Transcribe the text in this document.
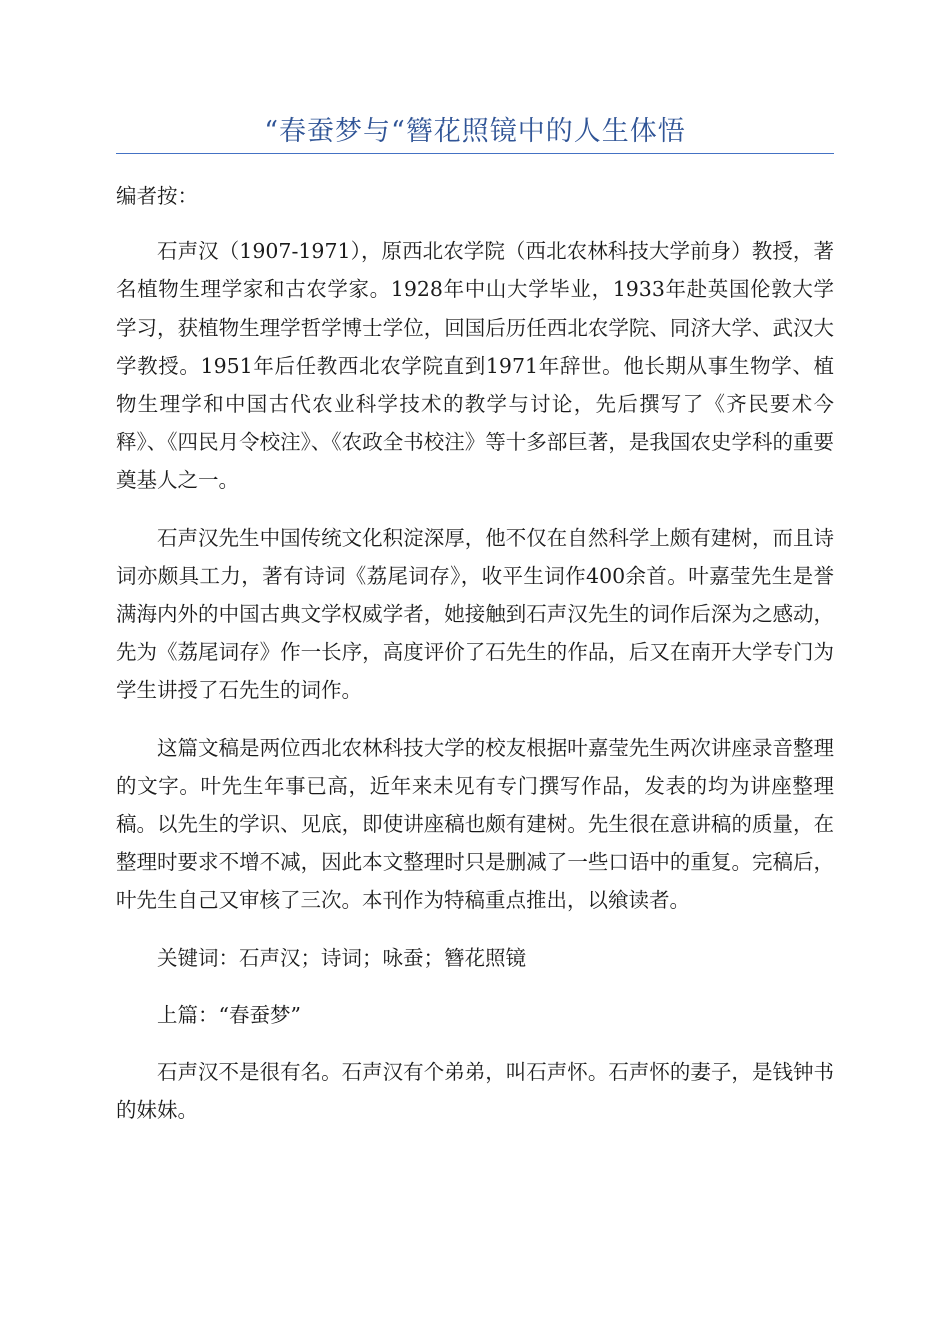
“春蚕梦与“簪花照镜中的人生体悟

编者按：

石声汉（1907-1971），原西北农学院（西北农林科技大学前身）教授，著名植物生理学家和古农学家。1928年中山大学毕业，1933年赴英国伦敦大学学习，获植物生理学哲学博士学位，回国后历任西北农学院、同济大学、武汉大学教授。1951年后任教西北农学院直到1971年辞世。他长期从事生物学、植物生理学和中国古代农业科学技术的教学与讨论，先后撰写了《齐民要术今释》、《四民月令校注》、《农政全书校注》等十多部巨著，是我国农史学科的重要奠基人之一。

石声汉先生中国传统文化积淀深厚，他不仅在自然科学上颇有建树，而且诗词亦颇具工力，著有诗词《荔尾词存》，收平生词作400余首。叶嘉莹先生是誉满海内外的中国古典文学权威学者，她接触到石声汉先生的词作后深为之感动，先为《荔尾词存》作一长序，高度评价了石先生的作品，后又在南开大学专门为学生讲授了石先生的词作。

这篇文稿是两位西北农林科技大学的校友根据叶嘉莹先生两次讲座录音整理的文字。叶先生年事已高，近年来未见有专门撰写作品，发表的均为讲座整理稿。以先生的学识、见底，即使讲座稿也颇有建树。先生很在意讲稿的质量，在整理时要求不增不减，因此本文整理时只是删减了一些口语中的重复。完稿后，叶先生自己又审核了三次。本刊作为特稿重点推出，以飨读者。

关键词：石声汉；诗词；咏蚕；簪花照镜

上篇：“春蚕梦”

石声汉不是很有名。石声汉有个弟弟，叫石声怀。石声怀的妻子，是钱钟书的妹妹。
